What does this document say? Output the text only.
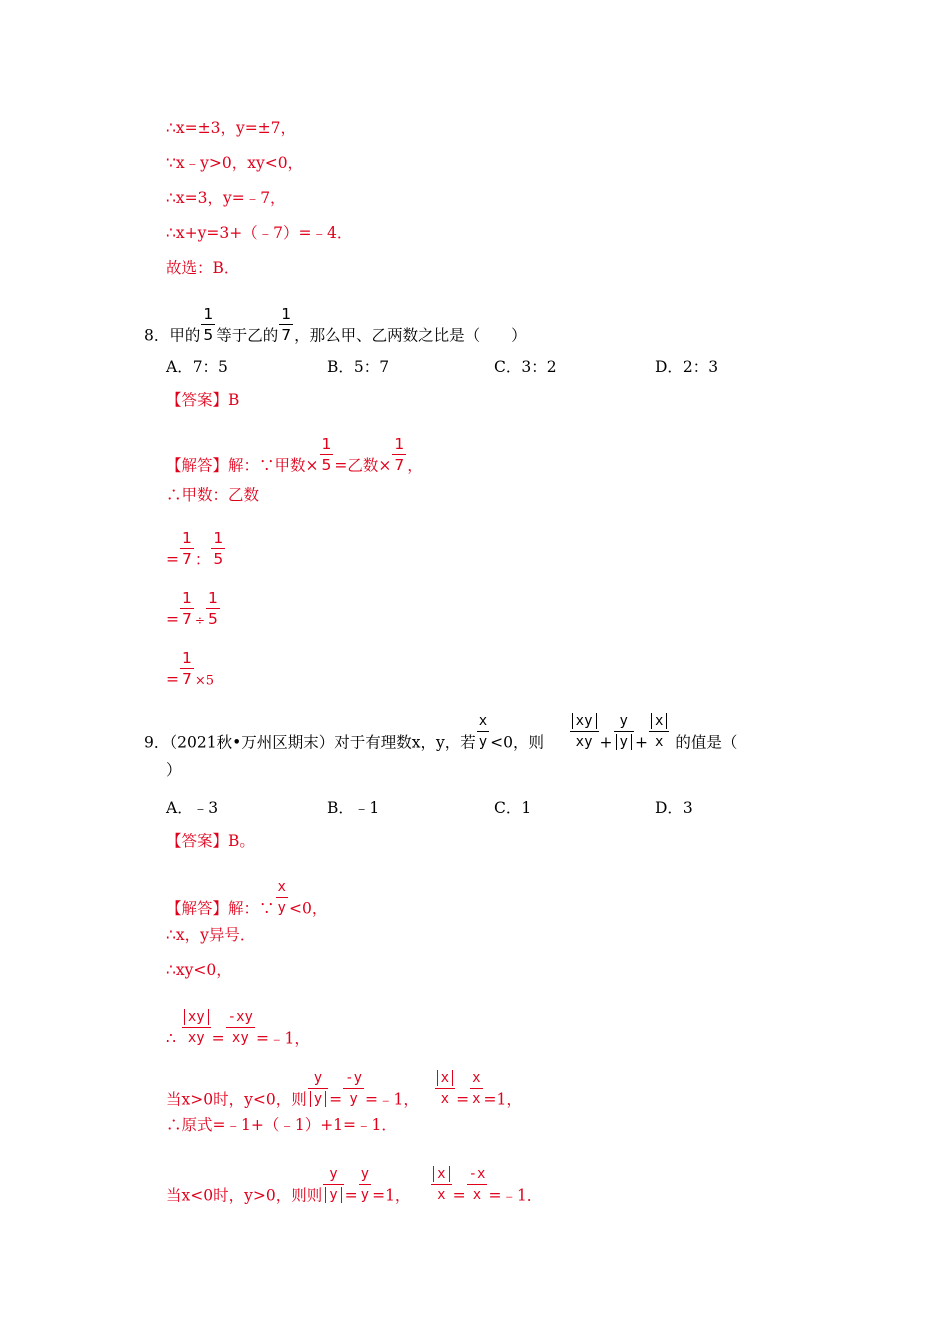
∴x=±3，y=±7，
∵x﹣y>0，xy<0，
∴x=3，y=﹣7，
∴x+y=3+（﹣7）=﹣4．
故选：B．
8．甲的 $\frac{1}{5}$ 等于乙的 $\frac{1}{7}$ ，那么甲、乙两数之比是（　　）
A．7：5	B．5：7	C．3：2	D．2：3
【答案】B
【解答】解：∵甲数× $\frac{1}{5}$ =乙数× $\frac{1}{7}$ ，
∴甲数：乙数
= $\frac{1}{7}$ ： $\frac{1}{5}$
= $\frac{1}{7} \div \frac{1}{5}$
= $\frac{1}{7} \times 5$
9．（2021秋•万州区期末）对于有理数x，y，若 $\frac{x}{y} <0$，则 $\frac{xy}{xy} + \frac{y}{y} + \frac{x}{x}$ 的值是（
）
A．﹣3	B．﹣1	C．1	D．3
【答案】B。
【解答】解：∵ $\frac{x}{y} <0$，
∴x，y异号．
∴xy<0，
∴ $\frac{xy}{xy} = \frac{-xy}{xy}$ =﹣1，
当x>0时，y<0，则 $\frac{y}{y} = \frac{-y}{y}$ =﹣1， $\frac{x}{x} = \frac{x}{x} =1$，
∴原式=﹣1+（﹣1）+1=﹣1．
当x<0时，y>0，则则 $\frac{y}{y} = \frac{y}{y} =1$， $\frac{x}{x} = \frac{-x}{x}$ =﹣1．
